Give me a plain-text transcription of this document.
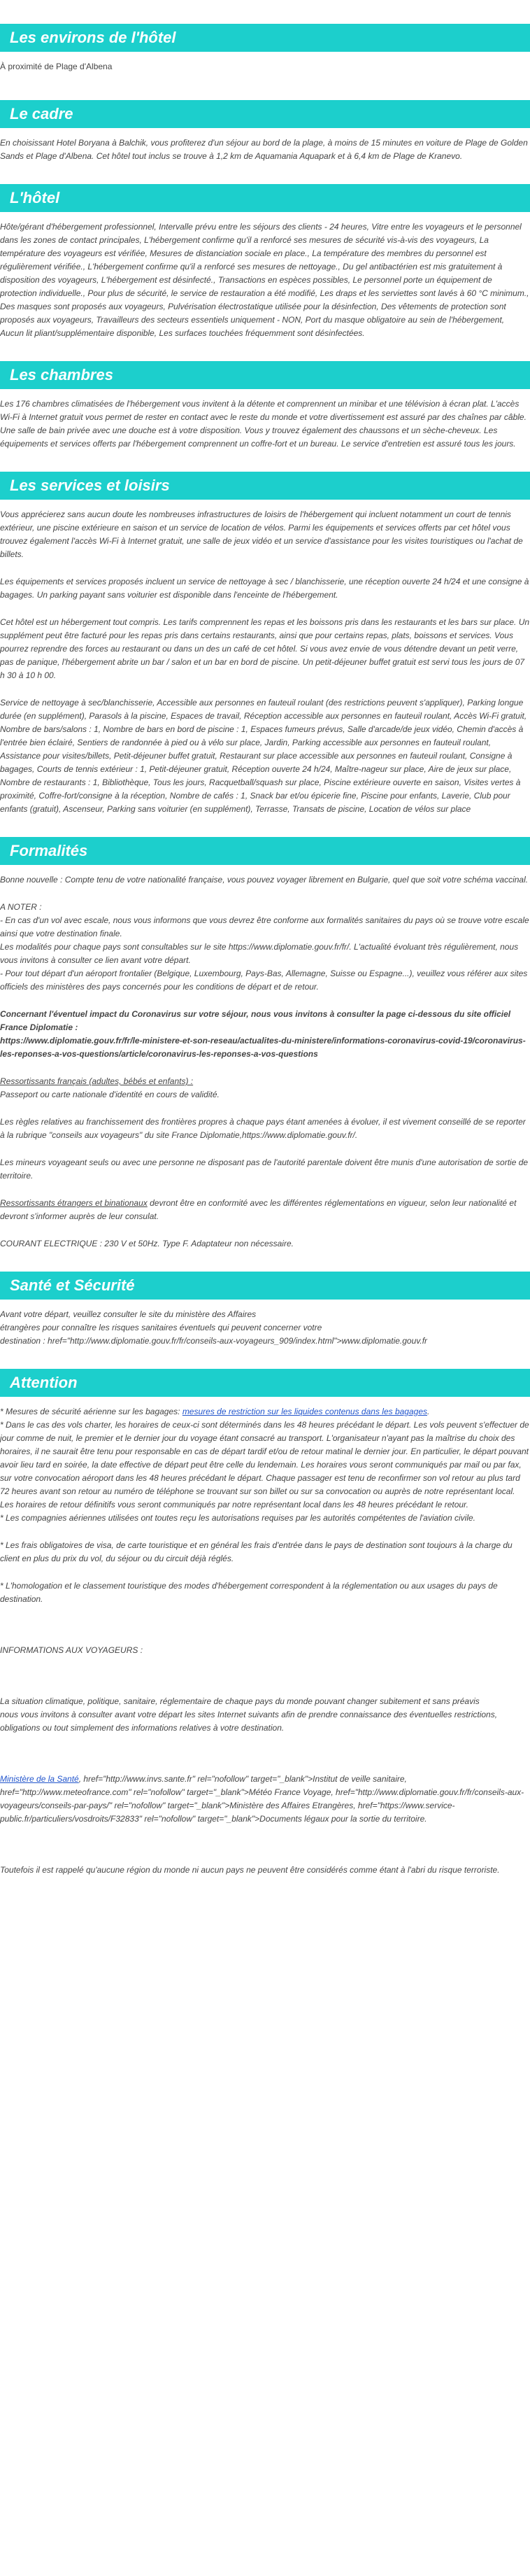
Les environs de l'hôtel
À proximité de Plage d'Albena
Le cadre
En choisissant Hotel Boryana à Balchik, vous profiterez d'un séjour au bord de la plage, à moins de 15 minutes en voiture de Plage de Golden Sands et Plage d'Albena. Cet hôtel tout inclus se trouve à 1,2 km de Aquamania Aquapark et à 6,4 km de Plage de Kranevo.
L'hôtel
Hôte/gérant d'hébergement professionnel, Intervalle prévu entre les séjours des clients - 24 heures, Vitre entre les voyageurs et le personnel dans les zones de contact principales, L'hébergement confirme qu'il a renforcé ses mesures de sécurité vis-à-vis des voyageurs, La température des voyageurs est vérifiée, Mesures de distanciation sociale en place., La température des membres du personnel est régulièrement vérifiée., L'hébergement confirme qu'il a renforcé ses mesures de nettoyage., Du gel antibactérien est mis gratuitement à disposition des voyageurs, L'hébergement est désinfecté., Transactions en espèces possibles, Le personnel porte un équipement de protection individuelle., Pour plus de sécurité, le service de restauration a été modifié, Les draps et les serviettes sont lavés à 60 °C minimum., Des masques sont proposés aux voyageurs, Pulvérisation électrostatique utilisée pour la désinfection, Des vêtements de protection sont proposés aux voyageurs, Travailleurs des secteurs essentiels uniquement - NON, Port du masque obligatoire au sein de l'hébergement, Aucun lit pliant/supplémentaire disponible, Les surfaces touchées fréquemment sont désinfectées.
Les chambres
Les 176 chambres climatisées de l'hébergement vous invitent à la détente et comprennent un minibar et une télévision à écran plat. L'accès Wi-Fi à Internet gratuit vous permet de rester en contact avec le reste du monde et votre divertissement est assuré par des chaînes par câble. Une salle de bain privée avec une douche est à votre disposition. Vous y trouvez également des chaussons et un sèche-cheveux. Les équipements et services offerts par l'hébergement comprennent un coffre-fort et un bureau. Le service d'entretien est assuré tous les jours.
Les services et loisirs
Vous apprécierez sans aucun doute les nombreuses infrastructures de loisirs de l'hébergement qui incluent notamment un court de tennis extérieur, une piscine extérieure en saison et un service de location de vélos. Parmi les équipements et services offerts par cet hôtel vous trouvez également l'accès Wi-Fi à Internet gratuit, une salle de jeux vidéo et un service d'assistance pour les visites touristiques ou l'achat de billets.
Les équipements et services proposés incluent un service de nettoyage à sec / blanchisserie, une réception ouverte 24 h/24 et une consigne à bagages. Un parking payant sans voiturier est disponible dans l'enceinte de l'hébergement.
Cet hôtel est un hébergement tout compris. Les tarifs comprennent les repas et les boissons pris dans les restaurants et les bars sur place. Un supplément peut être facturé pour les repas pris dans certains restaurants, ainsi que pour certains repas, plats, boissons et services. Vous pourrez reprendre des forces au restaurant ou dans un des un café de cet hôtel. Si vous avez envie de vous détendre devant un petit verre, pas de panique, l'hébergement abrite un bar / salon et un bar en bord de piscine. Un petit-déjeuner buffet gratuit est servi tous les jours de 07 h 30 à 10 h 00.
Service de nettoyage à sec/blanchisserie, Accessible aux personnes en fauteuil roulant (des restrictions peuvent s'appliquer), Parking longue durée (en supplément), Parasols à la piscine, Espaces de travail, Réception accessible aux personnes en fauteuil roulant, Accès Wi-Fi gratuit, Nombre de bars/salons : 1, Nombre de bars en bord de piscine : 1, Espaces fumeurs prévus, Salle d'arcade/de jeux vidéo, Chemin d'accès à l'entrée bien éclairé, Sentiers de randonnée à pied ou à vélo sur place, Jardin, Parking accessible aux personnes en fauteuil roulant, Assistance pour visites/billets, Petit-déjeuner buffet gratuit, Restaurant sur place accessible aux personnes en fauteuil roulant, Consigne à bagages, Courts de tennis extérieur : 1, Petit-déjeuner gratuit, Réception ouverte 24 h/24, Maître-nageur sur place, Aire de jeux sur place, Nombre de restaurants : 1, Bibliothèque, Tous les jours, Racquetball/squash sur place, Piscine extérieure ouverte en saison, Visites vertes à proximité, Coffre-fort/consigne à la réception, Nombre de cafés : 1, Snack bar et/ou épicerie fine, Piscine pour enfants, Laverie, Club pour enfants (gratuit), Ascenseur, Parking sans voiturier (en supplément), Terrasse, Transats de piscine, Location de vélos sur place
Formalités
Bonne nouvelle : Compte tenu de votre nationalité française, vous pouvez voyager librement en Bulgarie, quel que soit votre schéma vaccinal.
A NOTER :
- En cas d'un vol avec escale, nous vous informons que vous devrez être conforme aux formalités sanitaires du pays où se trouve votre escale ainsi que votre destination finale.
Les modalités pour chaque pays sont consultables sur le site https://www.diplomatie.gouv.fr/fr/. L'actualité évoluant très régulièrement, nous vous invitons à consulter ce lien avant votre départ.
- Pour tout départ d'un aéroport frontalier (Belgique, Luxembourg, Pays-Bas, Allemagne, Suisse ou Espagne...), veuillez vous référer aux sites officiels des ministères des pays concernés pour les conditions de départ et de retour.
Concernant l'éventuel impact du Coronavirus sur votre séjour, nous vous invitons à consulter la page ci-dessous du site officiel France Diplomatie :
https://www.diplomatie.gouv.fr/fr/le-ministere-et-son-reseau/actualites-du-ministere/informations-coronavirus-covid-19/coronavirus-les-reponses-a-vos-questions/article/coronavirus-les-reponses-a-vos-questions
Ressortissants français (adultes, bébés et enfants) :
Passeport ou carte nationale d'identité en cours de validité.
Les règles relatives au franchissement des frontières propres à chaque pays étant amenées à évoluer, il est vivement conseillé de se reporter à la rubrique "conseils aux voyageurs" du site France Diplomatie,https://www.diplomatie.gouv.fr/.
Les mineurs voyageant seuls ou avec une personne ne disposant pas de l'autorité parentale doivent être munis d'une autorisation de sortie de territoire.
Ressortissants étrangers et binationaux devront être en conformité avec les différentes réglementations en vigueur, selon leur nationalité et devront s'informer auprès de leur consulat.
COURANT ELECTRIQUE : 230 V et 50Hz. Type F. Adaptateur non nécessaire.
Santé et Sécurité
Avant votre départ, veuillez consulter le site du ministère des Affaires
étrangères pour connaître les risques sanitaires éventuels qui peuvent concerner votre
destination : href="http://www.diplomatie.gouv.fr/fr/conseils-aux-voyageurs_909/index.html">www.diplomatie.gouv.fr
Attention
* Mesures de sécurité aérienne sur les bagages: mesures de restriction sur les liquides contenus dans les bagages.
* Dans le cas des vols charter, les horaires de ceux-ci sont déterminés dans les 48 heures précédant le départ. Les vols peuvent s'effectuer de jour comme de nuit, le premier et le dernier jour du voyage étant consacré au transport. L'organisateur n'ayant pas la maîtrise du choix des horaires, il ne saurait être tenu pour responsable en cas de départ tardif et/ou de retour matinal le dernier jour. En particulier, le départ pouvant avoir lieu tard en soirée, la date effective de départ peut être celle du lendemain. Les horaires vous seront communiqués par mail ou par fax, sur votre convocation aéroport dans les 48 heures précédant le départ. Chaque passager est tenu de reconfirmer son vol retour au plus tard 72 heures avant son retour au numéro de téléphone se trouvant sur son billet ou sur sa convocation ou auprès de notre représentant local. Les horaires de retour définitifs vous seront communiqués par notre représentant local dans les 48 heures précédant le retour.
* Les compagnies aériennes utilisées ont toutes reçu les autorisations requises par les autorités compétentes de l'aviation civile.
* Les frais obligatoires de visa, de carte touristique et en général les frais d'entrée dans le pays de destination sont toujours à la charge du client en plus du prix du vol, du séjour ou du circuit déjà réglés.
* L'homologation et le classement touristique des modes d'hébergement correspondent à la réglementation ou aux usages du pays de destination.
INFORMATIONS AUX VOYAGEURS :
La situation climatique, politique, sanitaire, réglementaire de chaque pays du monde pouvant changer subitement et sans préavis
nous vous invitons à consulter avant votre départ les sites Internet suivants afin de prendre connaissance des éventuelles restrictions, obligations ou tout simplement des informations relatives à votre destination.
Ministère de la Santé, href="http://www.invs.sante.fr" rel="nofollow" target="_blank">Institut de veille sanitaire, href="http://www.meteofrance.com" rel="nofollow" target="_blank">Météo France Voyage, href="http://www.diplomatie.gouv.fr/fr/conseils-aux-voyageurs/conseils-par-pays/" rel="nofollow" target="_blank">Ministère des Affaires Etrangères, href="https://www.service-public.fr/particuliers/vosdroits/F32833" rel="nofollow" target="_blank">Documents légaux pour la sortie du territoire.
Toutefois il est rappelé qu'aucune région du monde ni aucun pays ne peuvent être considérés comme étant à l'abri du risque terroriste.
